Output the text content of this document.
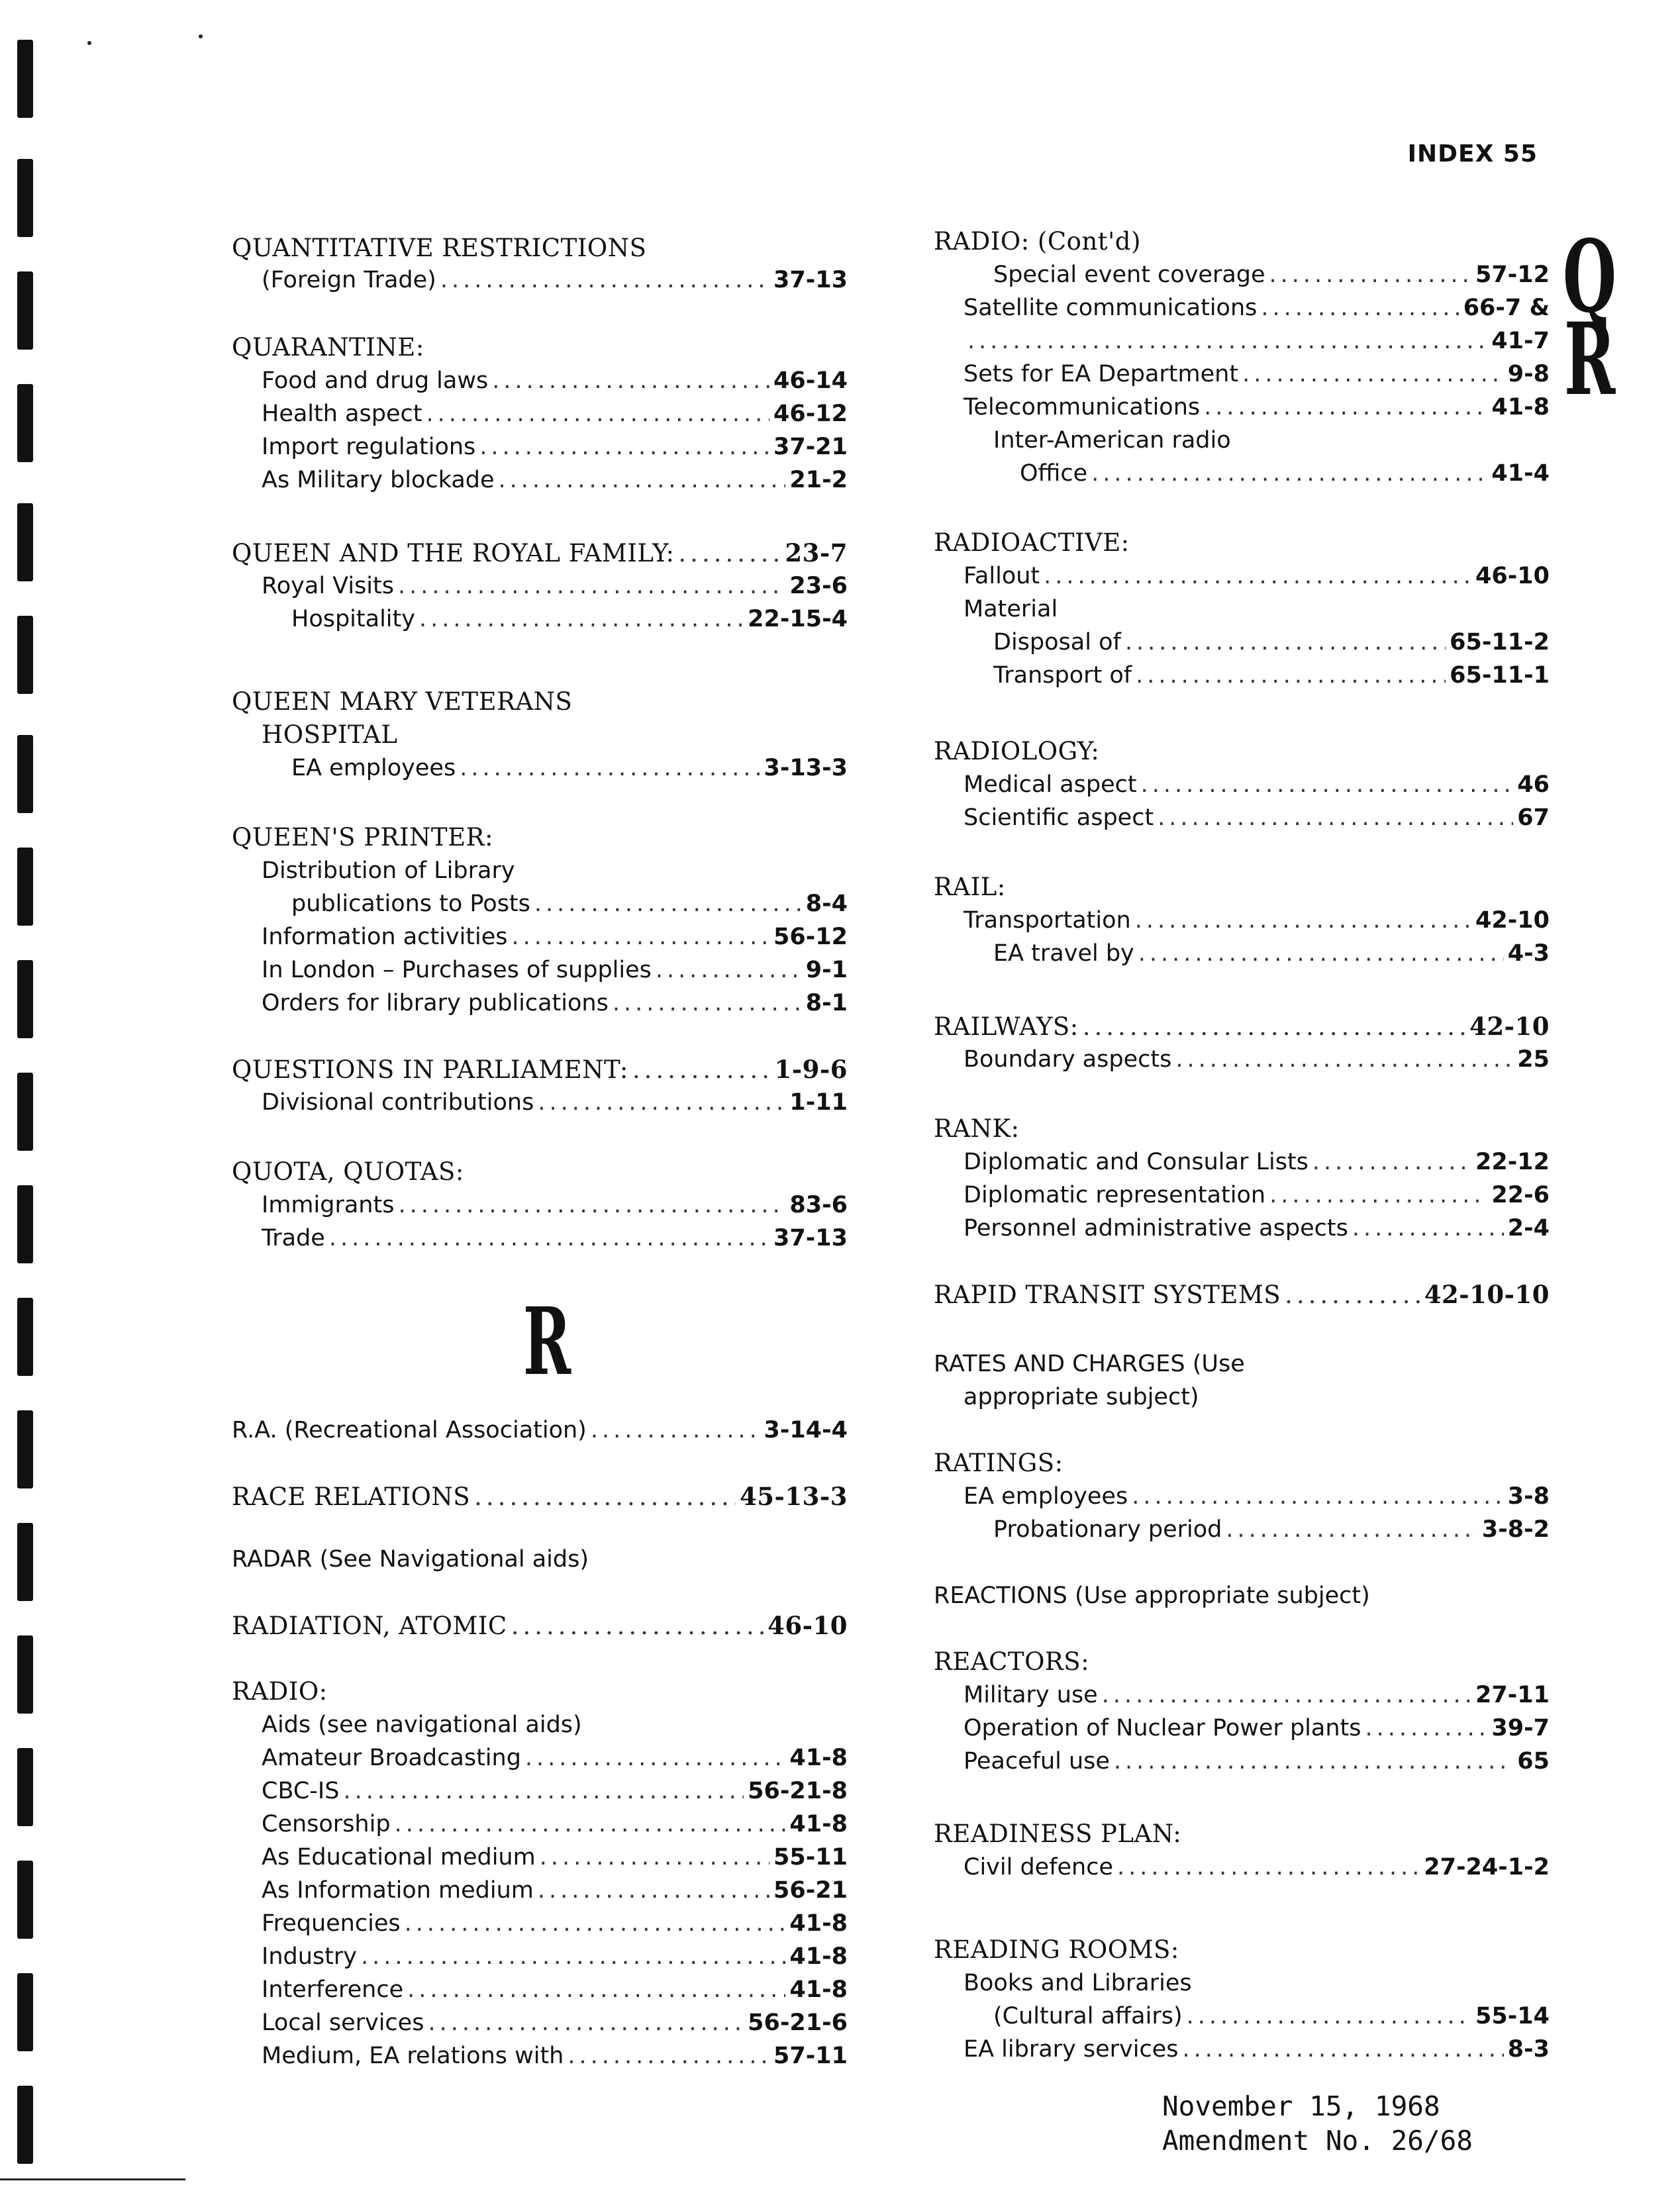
INDEX 55
Q
R
QUANTITATIVE RESTRICTIONS
(Foreign Trade) .....	37-13
QUARANTINE:
Food and drug laws .....	46-14
Health aspect .....	46-12
Import regulations .....	37-21
As Military blockade .....	21-2
QUEEN AND THE ROYAL FAMILY: .....	23-7
Royal Visits .....	23-6
Hospitality .....	22-15-4
QUEEN MARY VETERANS
HOSPITAL
EA employees .....	3-13-3
QUEEN'S PRINTER:
Distribution of Library
publications to Posts .....	8-4
Information activities .....	56-12
In London – Purchases of supplies .....	9-1
Orders for library publications .....	8-1
QUESTIONS IN PARLIAMENT: .....	1-9-6
Divisional contributions .....	1-11
QUOTA, QUOTAS:
Immigrants .....	83-6
Trade .....	37-13
R.A. (Recreational Association) .....	3-14-4
RACE RELATIONS .....	45-13-3
RADAR (See Navigational aids)
RADIATION, ATOMIC .....	46-10
RADIO:
Aids (see navigational aids)
Amateur Broadcasting .....	41-8
CBC-IS .....	56-21-8
Censorship .....	41-8
As Educational medium .....	55-11
As Information medium .....	56-21
Frequencies .....	41-8
Industry .....	41-8
Interference .....	41-8
Local services .....	56-21-6
Medium, EA relations with .....	57-11
RADIO: (Cont'd)
Special event coverage .....	57-12
Satellite communications .....	66-7 &
.....
41-7
Sets for EA Department .....	9-8
Telecommunications .....	41-8
Inter-American radio
Office .....	41-4
RADIOACTIVE:
Fallout .....	46-10
Material
Disposal of .....	65-11-2
Transport of .....	65-11-1
RADIOLOGY:
Medical aspect .....	46
Scientific aspect .....	67
RAIL:
Transportation .....	42-10
EA travel by .....	4-3
RAILWAYS: .....	42-10
Boundary aspects .....	25
RANK:
Diplomatic and Consular Lists .....	22-12
Diplomatic representation .....	22-6
Personnel administrative aspects .....	2-4
RAPID TRANSIT SYSTEMS .....	42-10-10
RATES AND CHARGES (Use
appropriate subject)
RATINGS:
EA employees .....	3-8
Probationary period .....	3-8-2
REACTIONS (Use appropriate subject)
REACTORS:
Military use .....	27-11
Operation of Nuclear Power plants .....	39-7
Peaceful use .....	65
READINESS PLAN:
Civil defence .....	27-24-1-2
READING ROOMS:
Books and Libraries
(Cultural affairs) .....	55-14
EA library services .....	8-3
R
November 15, 1968
Amendment No. 26/68
